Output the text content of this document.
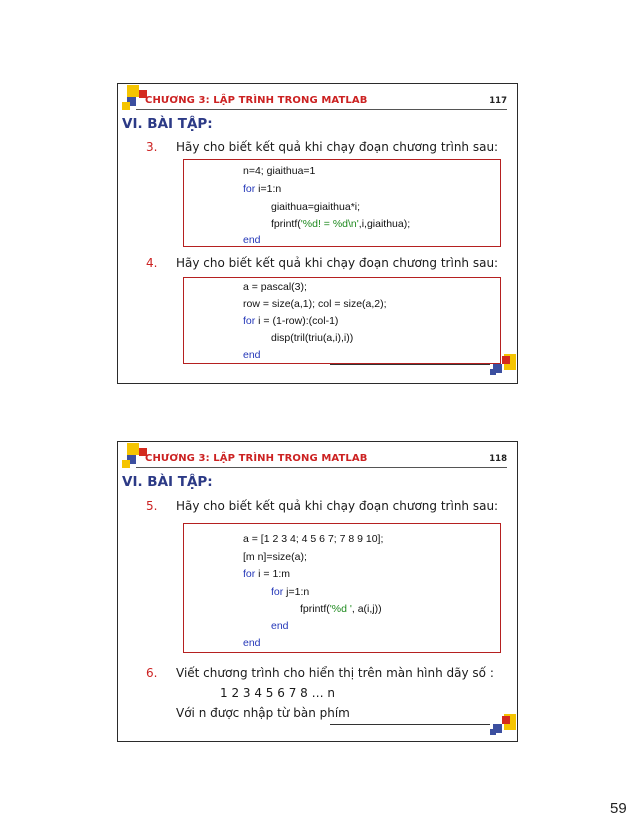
CHƯƠNG 3: LẬP TRÌNH TRONG MATLAB	117
VI. BÀI TẬP:
3. Hãy cho biết kết quả khi chạy đoạn chương trình sau:
n=4; giaithua=1
for i=1:n
giaithua=giaithua*i;
fprintf('%d! = %d\n',i,giaithua);
end
4. Hãy cho biết kết quả khi chạy đoạn chương trình sau:
a = pascal(3);
row = size(a,1); col = size(a,2);
for i = (1-row):(col-1)
disp(tril(triu(a,i),i))
end
CHƯƠNG 3: LẬP TRÌNH TRONG MATLAB	118
VI. BÀI TẬP:
5. Hãy cho biết kết quả khi chạy đoạn chương trình sau:
a = [1 2 3 4; 4 5 6 7; 7 8 9 10];
[m n]=size(a);
for i = 1:m
for j=1:n
fprintf('%d ', a(i,j))
end
end
6. Viết chương trình cho hiển thị trên màn hình dãy số :
1 2 3 4 5 6 7 8 … n
Với n được nhập từ bàn phím
59
